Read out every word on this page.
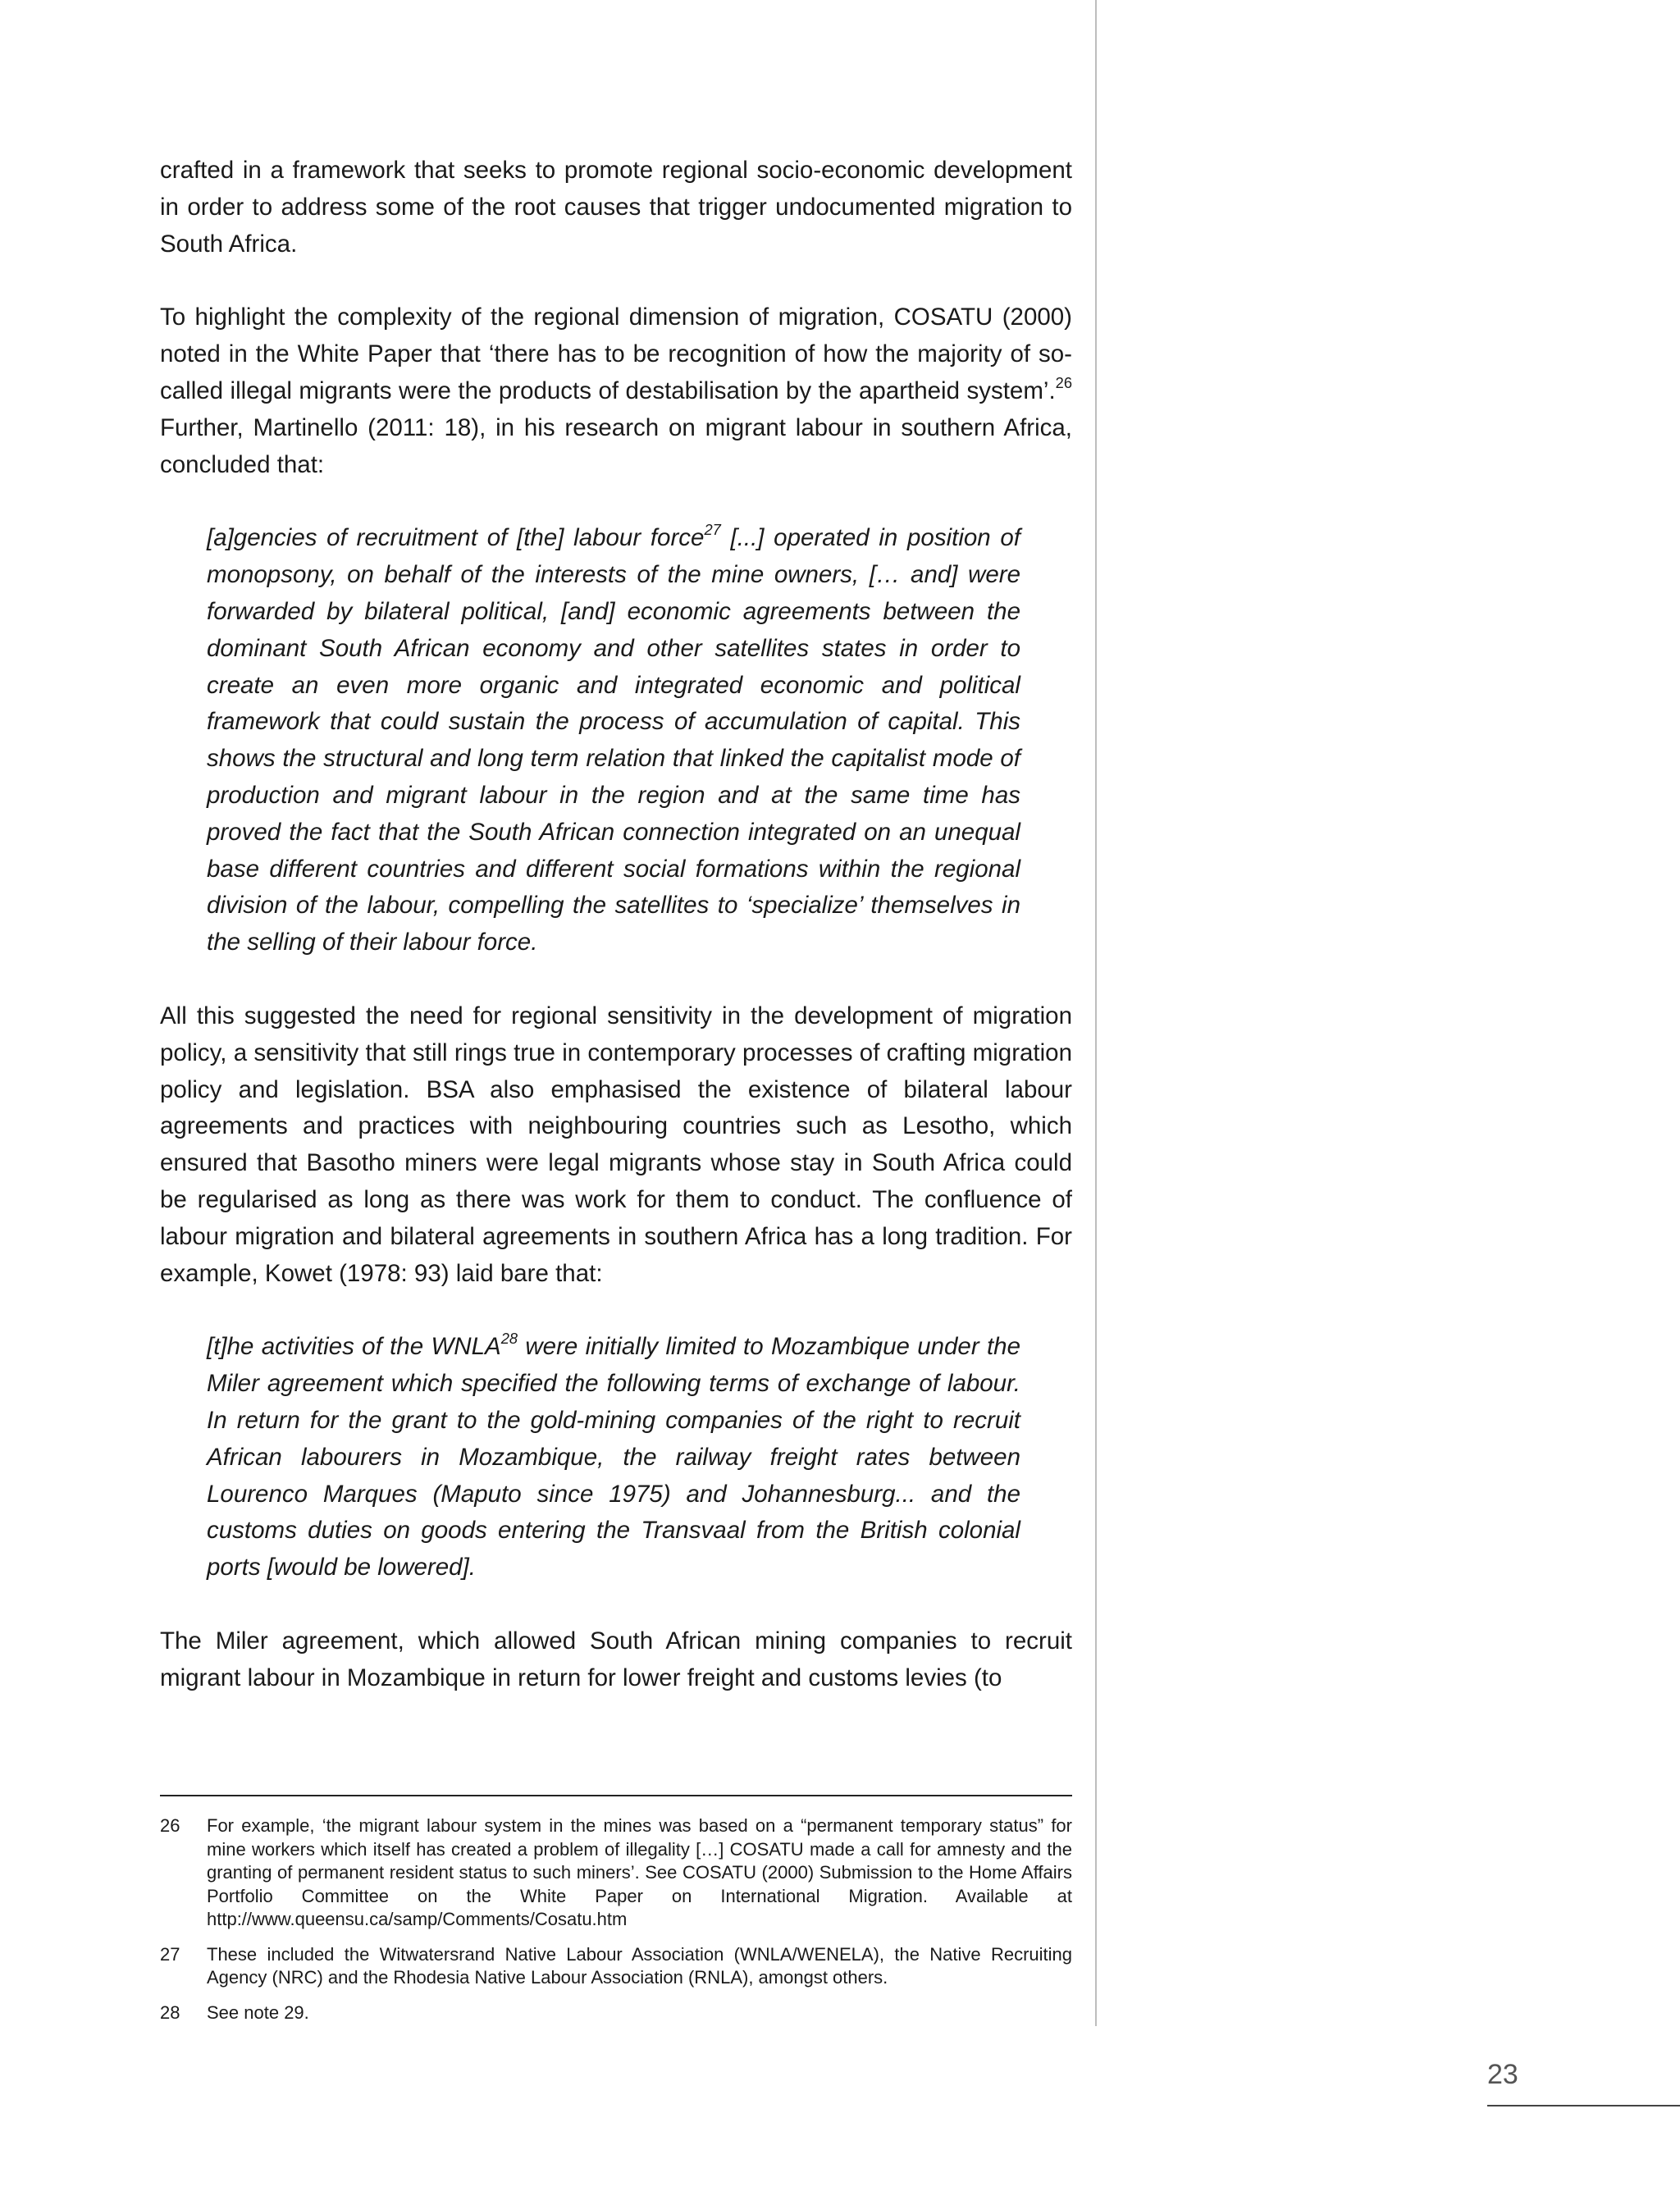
crafted in a framework that seeks to promote regional socio-economic development in order to address some of the root causes that trigger undocumented migration to South Africa.

To highlight the complexity of the regional dimension of migration, COSATU (2000) noted in the White Paper that ‘there has to be recognition of how the majority of so-called illegal migrants were the products of destabilisation by the apartheid system’.$^{26}$ Further, Martinello (2011: 18), in his research on migrant labour in southern Africa, concluded that:

[a]gencies of recruitment of [the] labour force$^{27}$ [...] operated in position of monopsony, on behalf of the interests of the mine owners, [… and] were forwarded by bilateral political, [and] economic agreements between the dominant South African economy and other satellites states in order to create an even more organic and integrated economic and political framework that could sustain the process of accumulation of capital. This shows the structural and long term relation that linked the capitalist mode of production and migrant labour in the region and at the same time has proved the fact that the South African connection integrated on an unequal base different countries and different social formations within the regional division of the labour, compelling the satellites to ‘specialize’ themselves in the selling of their labour force.

All this suggested the need for regional sensitivity in the development of migration policy, a sensitivity that still rings true in contemporary processes of crafting migration policy and legislation. BSA also emphasised the existence of bilateral labour agreements and practices with neighbouring countries such as Lesotho, which ensured that Basotho miners were legal migrants whose stay in South Africa could be regularised as long as there was work for them to conduct. The confluence of labour migration and bilateral agreements in southern Africa has a long tradition. For example, Kowet (1978: 93) laid bare that:

[t]he activities of the WNLA$^{28}$ were initially limited to Mozambique under the Miler agreement which specified the following terms of exchange of labour. In return for the grant to the gold-mining companies of the right to recruit African labourers in Mozambique, the railway freight rates between Lourenco Marques (Maputo since 1975) and Johannesburg... and the customs duties on goods entering the Transvaal from the British colonial ports [would be lowered].

The Miler agreement, which allowed South African mining companies to recruit migrant labour in Mozambique in return for lower freight and customs levies (to

26	For example, ‘the migrant labour system in the mines was based on a “permanent temporary status” for mine workers which itself has created a problem of illegality […] COSATU made a call for amnesty and the granting of permanent resident status to such miners’. See COSATU (2000) Submission to the Home Affairs Portfolio Committee on the White Paper on International Migration. Available at http://www.queensu.ca/samp/Comments/Cosatu.htm
27	These included the Witwatersrand Native Labour Association (WNLA/WENELA), the Native Recruiting Agency (NRC) and the Rhodesia Native Labour Association (RNLA), amongst others.
28	See note 29.
23
